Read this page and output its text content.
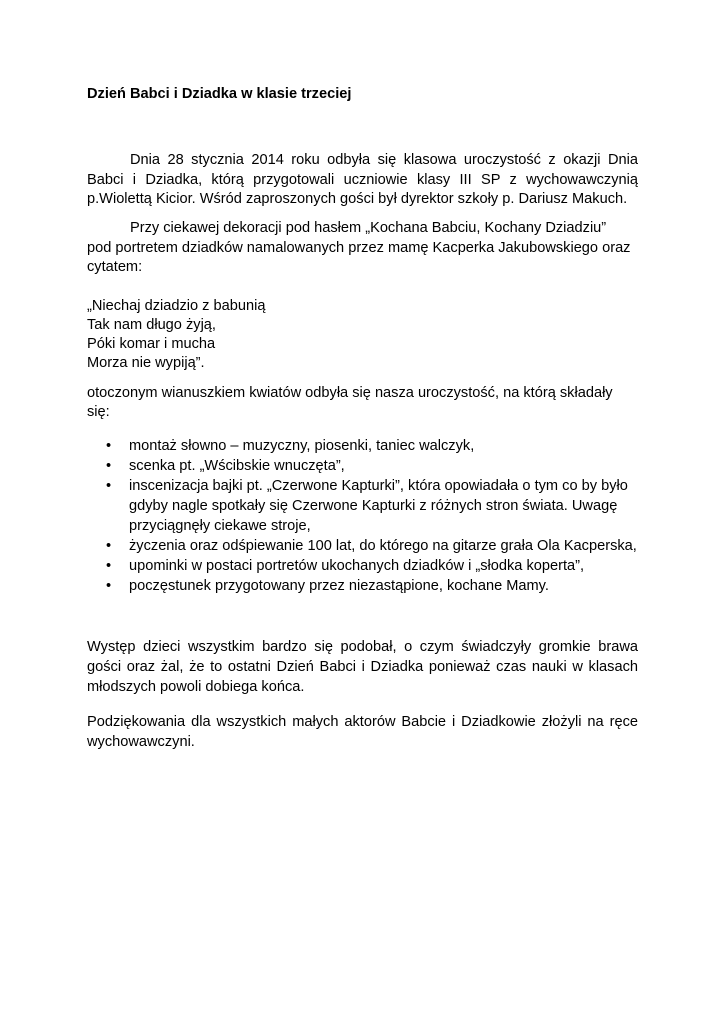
Dzień Babci i Dziadka w klasie trzeciej
Dnia 28 stycznia 2014 roku odbyła się klasowa uroczystość z okazji Dnia
Babci i Dziadka, którą przygotowali uczniowie klasy III SP z wychowawczynią
p.Wiolettą Kicior. Wśród zaproszonych gości był dyrektor szkoły p. Dariusz Makuch.
Przy ciekawej dekoracji pod hasłem „Kochana Babciu, Kochany Dziadziu”
pod portretem dziadków namalowanych przez mamę Kacperka Jakubowskiego oraz
cytatem:
„Niechaj dziadzio z babunią
Tak nam długo żyją,
Póki komar i mucha
Morza nie wypiją”.
otoczonym wianuszkiem kwiatów odbyła się nasza uroczystość, na którą składały
się:
• montaż słowno – muzyczny, piosenki, taniec walczyk,
• scenka pt. „Wścibskie wnuczęta”,
• inscenizacja bajki pt. „Czerwone Kapturki”, która opowiadała o tym co by było
gdyby nagle spotkały się Czerwone Kapturki z różnych stron świata. Uwagę
przyciągnęły ciekawe stroje,
• życzenia oraz odśpiewanie 100 lat, do którego na gitarze grała Ola Kacperska,
• upominki w postaci portretów ukochanych dziadków i „słodka koperta”,
• poczęstunek przygotowany przez niezastąpione, kochane Mamy.
Występ dzieci wszystkim bardzo się podobał, o czym świadczyły gromkie brawa
gości oraz żal, że to ostatni Dzień Babci i Dziadka ponieważ czas nauki w klasach
młodszych powoli dobiega końca.
Podziękowania dla wszystkich małych aktorów Babcie i Dziadkowie złożyli na ręce
wychowawczyni.
